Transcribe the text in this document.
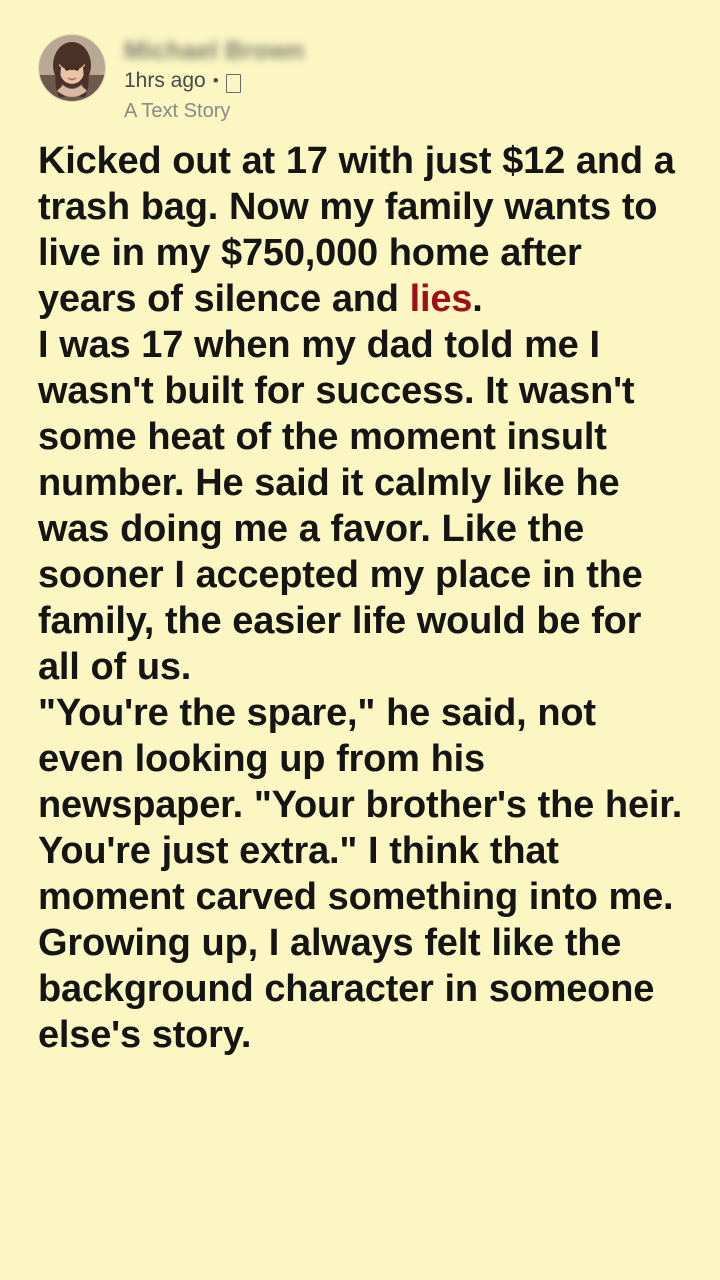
Michael Brown
1hrs ago •
A Text Story

Kicked out at 17 with just $12 and a trash bag. Now my family wants to live in my $750,000 home after years of silence and lies.

I was 17 when my dad told me I wasn't built for success. It wasn't some heat of the moment insult number. He said it calmly like he was doing me a favor. Like the sooner I accepted my place in the family, the easier life would be for all of us.

"You're the spare," he said, not even looking up from his newspaper. "Your brother's the heir. You're just extra." I think that moment carved something into me.

Growing up, I always felt like the background character in someone else's story.
